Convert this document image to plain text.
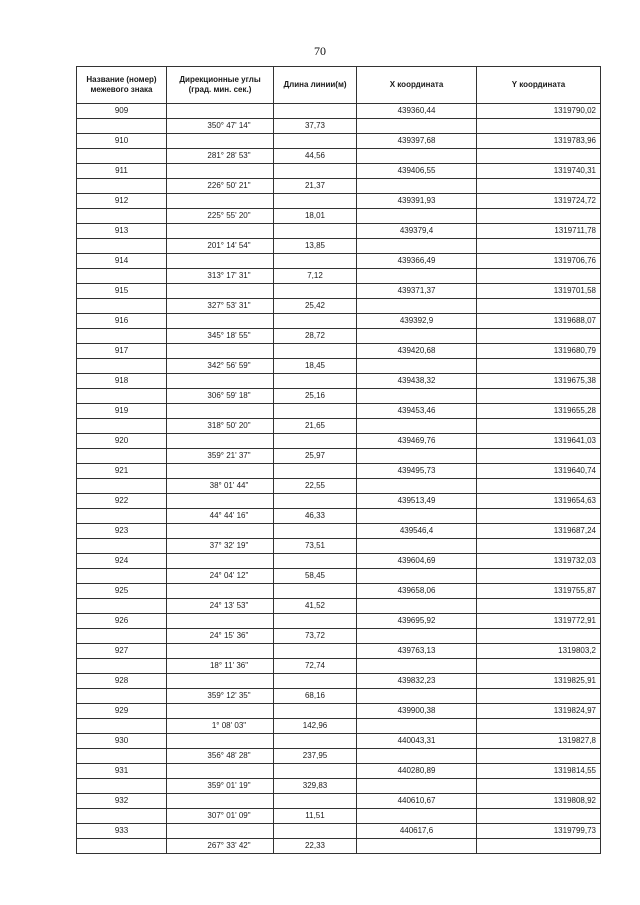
70
Название (номер) межевого знака	Дирекционные углы (град. мин. сек.)	Длина линии(м)	X координата	Y координата
909			439360,44	1319790,02
	350° 47' 14"	37,73		
910			439397,68	1319783,96
	281° 28' 53"	44,56		
911			439406,55	1319740,31
	226° 50' 21"	21,37		
912			439391,93	1319724,72
	225° 55' 20"	18,01		
913			439379,4	1319711,78
	201° 14' 54"	13,85		
914			439366,49	1319706,76
	313° 17' 31"	7,12		
915			439371,37	1319701,58
	327° 53' 31"	25,42		
916			439392,9	1319688,07
	345° 18' 55"	28,72		
917			439420,68	1319680,79
	342° 56' 59"	18,45		
918			439438,32	1319675,38
	306° 59' 18"	25,16		
919			439453,46	1319655,28
	318° 50' 20"	21,65		
920			439469,76	1319641,03
	359° 21' 37"	25,97		
921			439495,73	1319640,74
	38° 01' 44"	22,55		
922			439513,49	1319654,63
	44° 44' 16"	46,33		
923			439546,4	1319687,24
	37° 32' 19"	73,51		
924			439604,69	1319732,03
	24° 04' 12"	58,45		
925			439658,06	1319755,87
	24° 13' 53"	41,52		
926			439695,92	1319772,91
	24° 15' 36"	73,72		
927			439763,13	1319803,2
	18° 11' 36"	72,74		
928			439832,23	1319825,91
	359° 12' 35"	68,16		
929			439900,38	1319824,97
	1° 08' 03"	142,96		
930			440043,31	1319827,8
	356° 48' 28"	237,95		
931			440280,89	1319814,55
	359° 01' 19"	329,83		
932			440610,67	1319808,92
	307° 01' 09"	11,51		
933			440617,6	1319799,73
	267° 33' 42"	22,33		
